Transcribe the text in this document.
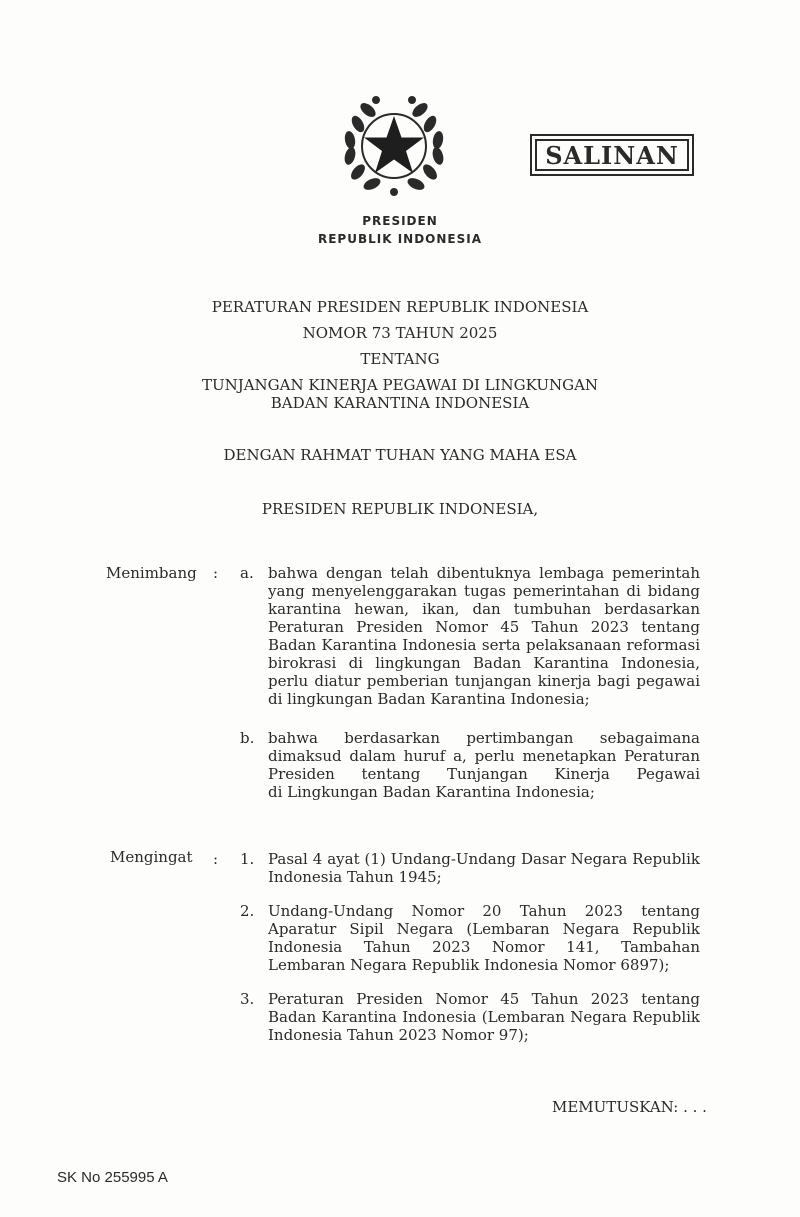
SALINAN
PRESIDEN
REPUBLIK INDONESIA
PERATURAN PRESIDEN REPUBLIK INDONESIA
NOMOR 73 TAHUN 2025
TENTANG
TUNJANGAN KINERJA PEGAWAI DI LINGKUNGAN
BADAN KARANTINA INDONESIA
DENGAN RAHMAT TUHAN YANG MAHA ESA
PRESIDEN REPUBLIK INDONESIA,
Menimbang : a. bahwa dengan telah dibentuknya lembaga pemerintah
yang menyelenggarakan tugas pemerintahan di bidang
karantina hewan, ikan, dan tumbuhan berdasarkan
Peraturan Presiden Nomor 45 Tahun 2023 tentang
Badan Karantina Indonesia serta pelaksanaan reformasi
birokrasi di lingkungan Badan Karantina Indonesia,
perlu diatur pemberian tunjangan kinerja bagi pegawai
di lingkungan Badan Karantina Indonesia;
b. bahwa berdasarkan pertimbangan sebagaimana
dimaksud dalam huruf a, perlu menetapkan Peraturan
Presiden tentang Tunjangan Kinerja Pegawai
di Lingkungan Badan Karantina Indonesia;
Mengingat : 1. Pasal 4 ayat (1) Undang-Undang Dasar Negara Republik
Indonesia Tahun 1945;
2. Undang-Undang Nomor 20 Tahun 2023 tentang
Aparatur Sipil Negara (Lembaran Negara Republik
Indonesia Tahun 2023 Nomor 141, Tambahan
Lembaran Negara Republik Indonesia Nomor 6897);
3. Peraturan Presiden Nomor 45 Tahun 2023 tentang
Badan Karantina Indonesia (Lembaran Negara Republik
Indonesia Tahun 2023 Nomor 97);
MEMUTUSKAN: . . .
SK No 255995 A
